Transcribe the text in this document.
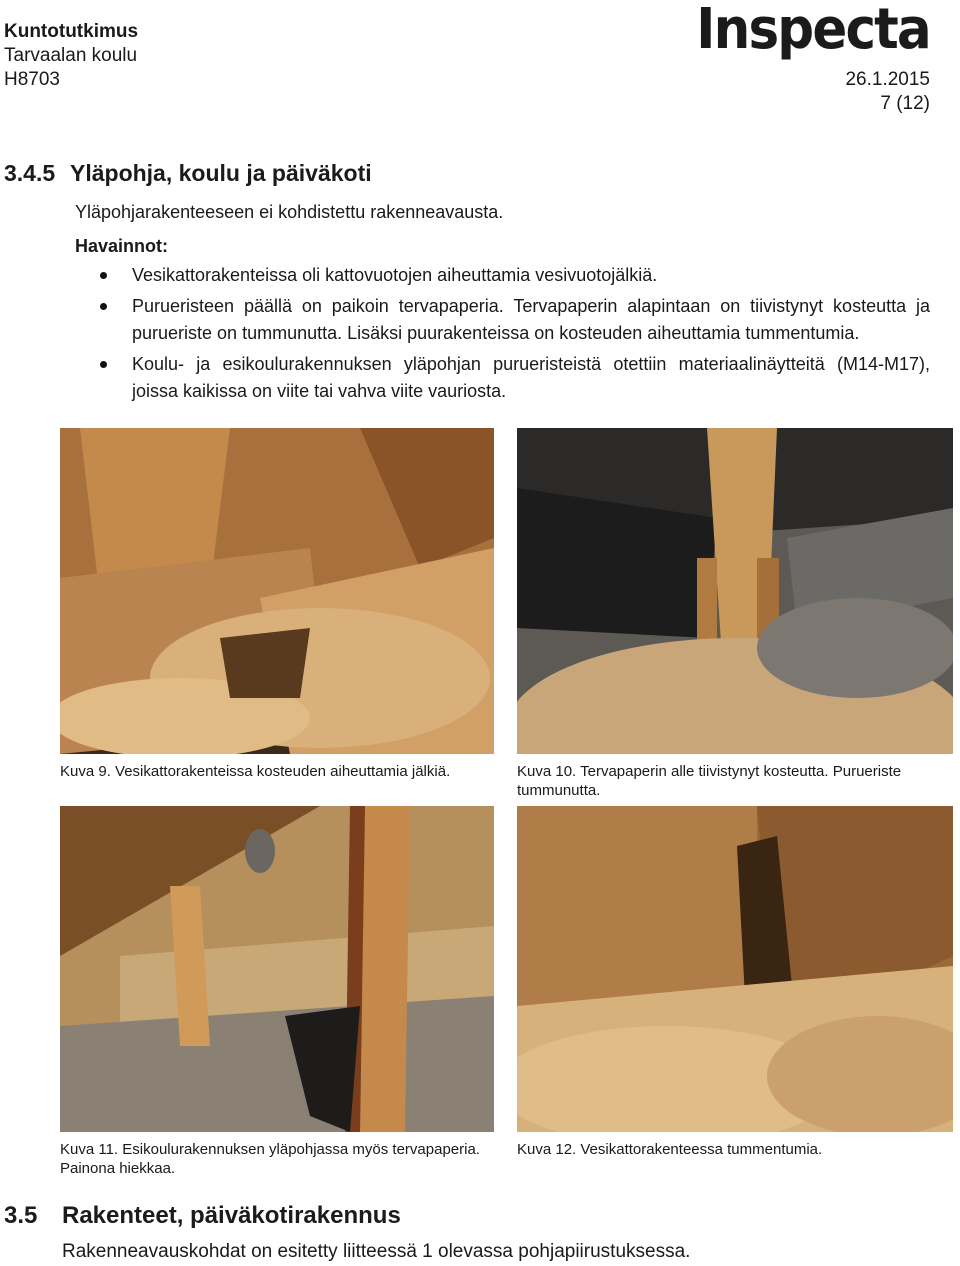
Kuntotutkimus
Tarvaalan koulu
H8703
Inspecta
26.1.2015
7 (12)
3.4.5 Yläpohja, koulu ja päiväkoti
Yläpohjarakenteeseen ei kohdistettu rakenneavausta.
Havainnot:
Vesikattorakenteissa oli kattovuotojen aiheuttamia vesivuotojälkiä.
Purueristeen päällä on paikoin tervapaperia. Tervapaperin alapintaan on tiivistynyt kosteutta ja purueriste on tummunutta. Lisäksi puurakenteissa on kosteuden aiheuttamia tummentumia.
Koulu- ja esikoulurakennuksen yläpohjan purueristeistä otettiin materiaalinäytteitä (M14-M17), joissa kaikissa on viite tai vahva viite vauriosta.
Kuva 9. Vesikattorakenteissa kosteuden aiheuttamia jälkiä.	Kuva 10. Tervapaperin alle tiivistynyt kosteutta. Purueriste tummunutta.
Kuva 11. Esikoulurakennuksen yläpohjassa myös tervapaperia. Painona hiekkaa.
Kuva 12. Vesikattorakenteessa tummentumia.
3.5 Rakenteet, päiväkotirakennus
Rakenneavauskohdat on esitetty liitteessä 1 olevassa pohjapiirustuksessa.
